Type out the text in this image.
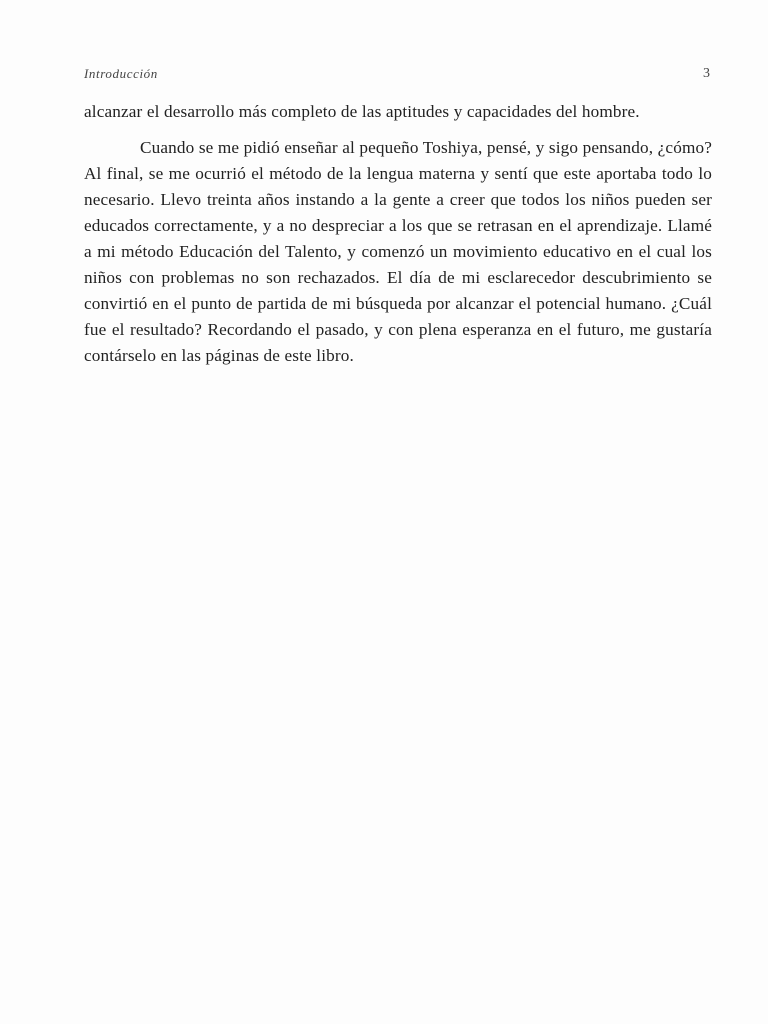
Introducción	3

alcanzar el desarrollo más completo de las aptitudes y capacidades del hombre.

Cuando se me pidió enseñar al pequeño Toshiya, pensé, y sigo pensando, ¿cómo? Al final, se me ocurrió el método de la lengua materna y sentí que este aportaba todo lo necesario. Llevo treinta años instando a la gente a creer que todos los niños pueden ser educados correctamente, y a no despreciar a los que se retrasan en el aprendizaje. Llamé a mi método Educación del Talento, y comenzó un movimiento educativo en el cual los niños con problemas no son rechazados. El día de mi esclarecedor descubrimiento se convirtió en el punto de partida de mi búsqueda por alcanzar el potencial humano. ¿Cuál fue el resultado? Recordando el pasado, y con plena esperanza en el futuro, me gustaría contárselo en las páginas de este libro.
